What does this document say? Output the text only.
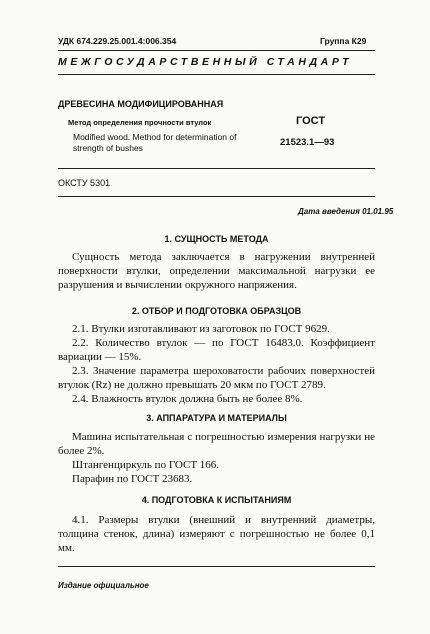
УДК 674.229.25.001.4:006.354	Группа К29
МЕЖГОСУДАРСТВЕННЫЙ СТАНДАРТ
ДРЕВЕСИНА МОДИФИЦИРОВАННАЯ
Метод определения прочности втулок
Modified wood. Method for determination of strength of bushes
ГОСТ
21523.1—93
ОКСТУ 5301
Дата введения 01.01.95
1. СУЩНОСТЬ МЕТОДА
Сущность метода заключается в нагружении внутренней поверхности втулки, определении максимальной нагрузки ее разрушения и вычислении окружного напряжения.
2. ОТБОР И ПОДГОТОВКА ОБРАЗЦОВ
2.1. Втулки изготавливают из заготовок по ГОСТ 9629.
2.2. Количество втулок — по ГОСТ 16483.0. Коэффициент вариации — 15%.
2.3. Значение параметра шероховатости рабочих поверхностей втулок (Rz) не должно превышать 20 мкм по ГОСТ 2789.
2.4. Влажность втулок должна быть не более 8%.
3. АППАРАТУРА И МАТЕРИАЛЫ
Машина испытательная с погрешностью измерения нагрузки не более 2%.
Штангенциркуль по ГОСТ 166.
Парафин по ГОСТ 23683.
4. ПОДГОТОВКА К ИСПЫТАНИЯМ
4.1. Размеры втулки (внешний и внутренний диаметры, толщина стенок, длина) измеряют с погрешностью не более 0,1 мм.
Издание официальное
